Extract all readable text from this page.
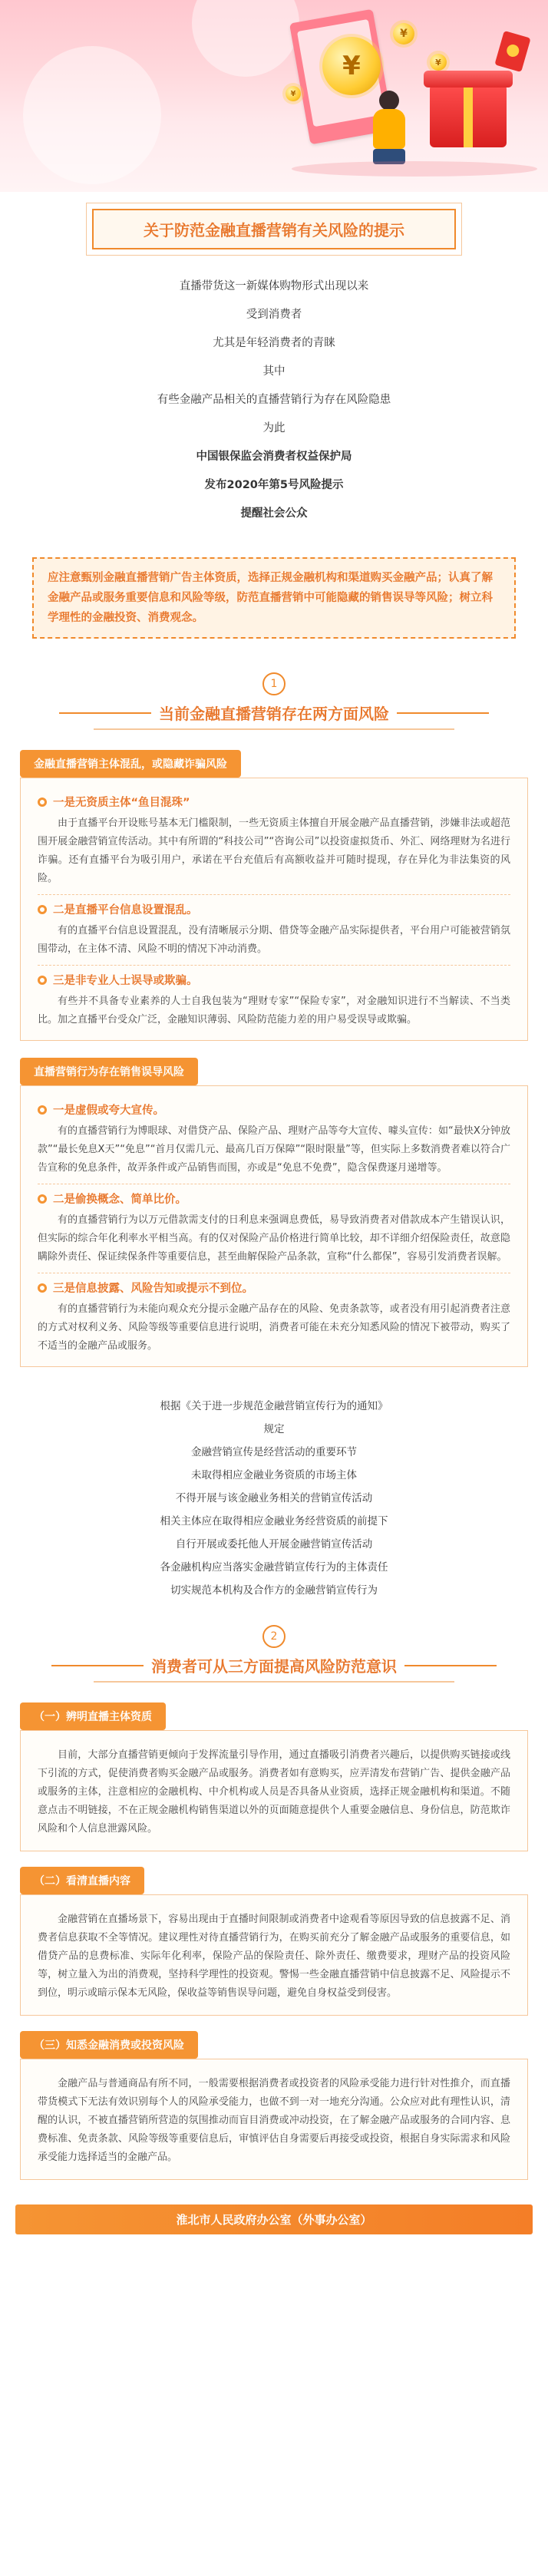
¥
¥
¥
¥
关于防范金融直播营销有关风险的提示
直播带货这一新媒体购物形式出现以来
受到消费者
尤其是年轻消费者的青睐
其中
有些金融产品相关的直播营销行为存在风险隐患
为此
中国银保监会消费者权益保护局
发布2020年第5号风险提示
提醒社会公众
应注意甄别金融直播营销广告主体资质，选择正规金融机构和渠道购买金融产品；认真了解金融产品或服务重要信息和风险等级，防范直播营销中可能隐藏的销售误导等风险；树立科学理性的金融投资、消费观念。
1
当前金融直播营销存在两方面风险
金融直播营销主体混乱，或隐藏诈骗风险
一是无资质主体“鱼目混珠”
由于直播平台开设账号基本无门槛限制，一些无资质主体擅自开展金融产品直播营销，涉嫌非法或超范围开展金融营销宣传活动。其中有所谓的“科技公司”“咨询公司”以投资虚拟货币、外汇、网络理财为名进行诈骗。还有直播平台为吸引用户，承诺在平台充值后有高额收益并可随时提现，存在异化为非法集资的风险。
二是直播平台信息设置混乱。
有的直播平台信息设置混乱，没有清晰展示分期、借贷等金融产品实际提供者，平台用户可能被营销氛围带动，在主体不清、风险不明的情况下冲动消费。
三是非专业人士误导或欺骗。
有些并不具备专业素养的人士自我包装为“理财专家”“保险专家”，对金融知识进行不当解读、不当类比。加之直播平台受众广泛，金融知识薄弱、风险防范能力差的用户易受误导或欺骗。
直播营销行为存在销售误导风险
一是虚假或夸大宣传。
有的直播营销行为博眼球、对借贷产品、保险产品、理财产品等夸大宣传、噱头宣传：如“最快X分钟放款”“最长免息X天”“免息”“首月仅需几元、最高几百万保障”“限时限量”等，但实际上多数消费者难以符合广告宣称的免息条件，故弄条件或产品销售而围，亦或是“免息不免费”，隐含保费逐月递增等。
二是偷换概念、简单比价。
有的直播营销行为以万元借款需支付的日利息来强调息费低，易导致消费者对借款成本产生错误认识，但实际的综合年化利率水平相当高。有的仅对保险产品价格进行简单比较，却不详细介绍保险责任，故意隐瞒除外责任、保证续保条件等重要信息，甚至曲解保险产品条款，宣称“什么都保”，容易引发消费者误解。
三是信息披露、风险告知或提示不到位。
有的直播营销行为未能向观众充分提示金融产品存在的风险、免责条款等，或者没有用引起消费者注意的方式对权利义务、风险等级等重要信息进行说明，消费者可能在未充分知悉风险的情况下被带动，购买了不适当的金融产品或服务。
根据《关于进一步规范金融营销宣传行为的通知》
规定
金融营销宣传是经营活动的重要环节
未取得相应金融业务资质的市场主体
不得开展与该金融业务相关的营销宣传活动
相关主体应在取得相应金融业务经营资质的前提下
自行开展或委托他人开展金融营销宣传活动
各金融机构应当落实金融营销宣传行为的主体责任
切实规范本机构及合作方的金融营销宣传行为
2
消费者可从三方面提高风险防范意识
（一）辨明直播主体资质
目前，大部分直播营销更倾向于发挥流量引导作用，通过直播吸引消费者兴趣后，以提供购买链接或线下引流的方式，促使消费者购买金融产品或服务。消费者如有意购买，应弄清发布营销广告、提供金融产品或服务的主体，注意相应的金融机构、中介机构或人员是否具备从业资质，选择正规金融机构和渠道。不随意点击不明链接，不在正规金融机构销售渠道以外的页面随意提供个人重要金融信息、身份信息，防范欺诈风险和个人信息泄露风险。
（二）看清直播内容
金融营销在直播场景下，容易出现由于直播时间限制或消费者中途观看等原因导致的信息披露不足、消费者信息获取不全等情况。建议理性对待直播营销行为，在购买前充分了解金融产品或服务的重要信息，如借贷产品的息费标准、实际年化利率，保险产品的保险责任、除外责任、缴费要求，理财产品的投资风险等，树立量入为出的消费观，坚持科学理性的投资观。警惕一些金融直播营销中信息披露不足、风险提示不到位，明示或暗示保本无风险，保收益等销售误导问题，避免自身权益受到侵害。
（三）知悉金融消费或投资风险
金融产品与普通商品有所不同，一般需要根据消费者或投资者的风险承受能力进行针对性推介，而直播带货模式下无法有效识别每个人的风险承受能力，也做不到一对一地充分沟通。公众应对此有理性认识，清醒的认识，不被直播营销所营造的氛围推动而盲目消费或冲动投资，在了解金融产品或服务的合同内容、息费标准、免责条款、风险等级等重要信息后，审慎评估自身需要后再接受或投资，根据自身实际需求和风险承受能力选择适当的金融产品。
淮北市人民政府办公室（外事办公室）
